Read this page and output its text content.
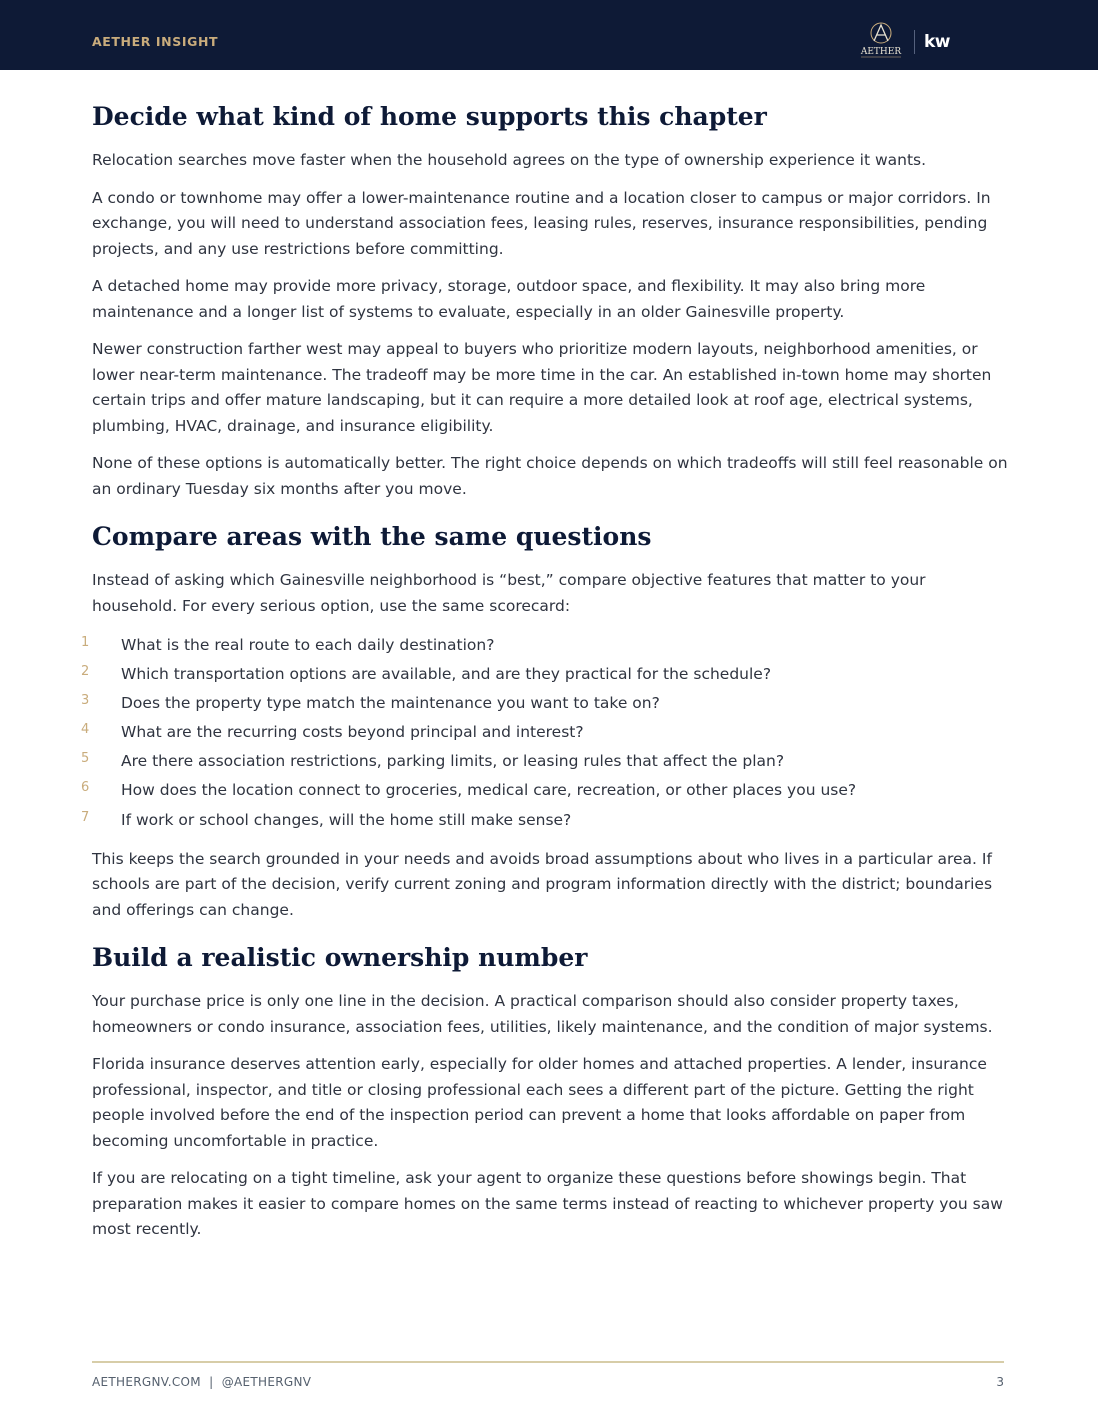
AETHER INSIGHT
AETHER kw
Decide what kind of home supports this chapter

Relocation searches move faster when the household agrees on the type of ownership experience it wants.

A condo or townhome may offer a lower-maintenance routine and a location closer to campus or major corridors. In exchange, you will need to understand association fees, leasing rules, reserves, insurance responsibilities, pending projects, and any use restrictions before committing.

A detached home may provide more privacy, storage, outdoor space, and flexibility. It may also bring more maintenance and a longer list of systems to evaluate, especially in an older Gainesville property.

Newer construction farther west may appeal to buyers who prioritize modern layouts, neighborhood amenities, or lower near-term maintenance. The tradeoff may be more time in the car. An established in-town home may shorten certain trips and offer mature landscaping, but it can require a more detailed look at roof age, electrical systems, plumbing, HVAC, drainage, and insurance eligibility.

None of these options is automatically better. The right choice depends on which tradeoffs will still feel reasonable on an ordinary Tuesday six months after you move.

Compare areas with the same questions

Instead of asking which Gainesville neighborhood is “best,” compare objective features that matter to your household. For every serious option, use the same scorecard:

1 What is the real route to each daily destination?
2 Which transportation options are available, and are they practical for the schedule?
3 Does the property type match the maintenance you want to take on?
4 What are the recurring costs beyond principal and interest?
5 Are there association restrictions, parking limits, or leasing rules that affect the plan?
6 How does the location connect to groceries, medical care, recreation, or other places you use?
7 If work or school changes, will the home still make sense?

This keeps the search grounded in your needs and avoids broad assumptions about who lives in a particular area. If schools are part of the decision, verify current zoning and program information directly with the district; boundaries and offerings can change.

Build a realistic ownership number

Your purchase price is only one line in the decision. A practical comparison should also consider property taxes, homeowners or condo insurance, association fees, utilities, likely maintenance, and the condition of major systems.

Florida insurance deserves attention early, especially for older homes and attached properties. A lender, insurance professional, inspector, and title or closing professional each sees a different part of the picture. Getting the right people involved before the end of the inspection period can prevent a home that looks affordable on paper from becoming uncomfortable in practice.

If you are relocating on a tight timeline, ask your agent to organize these questions before showings begin. That preparation makes it easier to compare homes on the same terms instead of reacting to whichever property you saw most recently.

AETHERGNV.COM  |  @AETHERGNV	3
